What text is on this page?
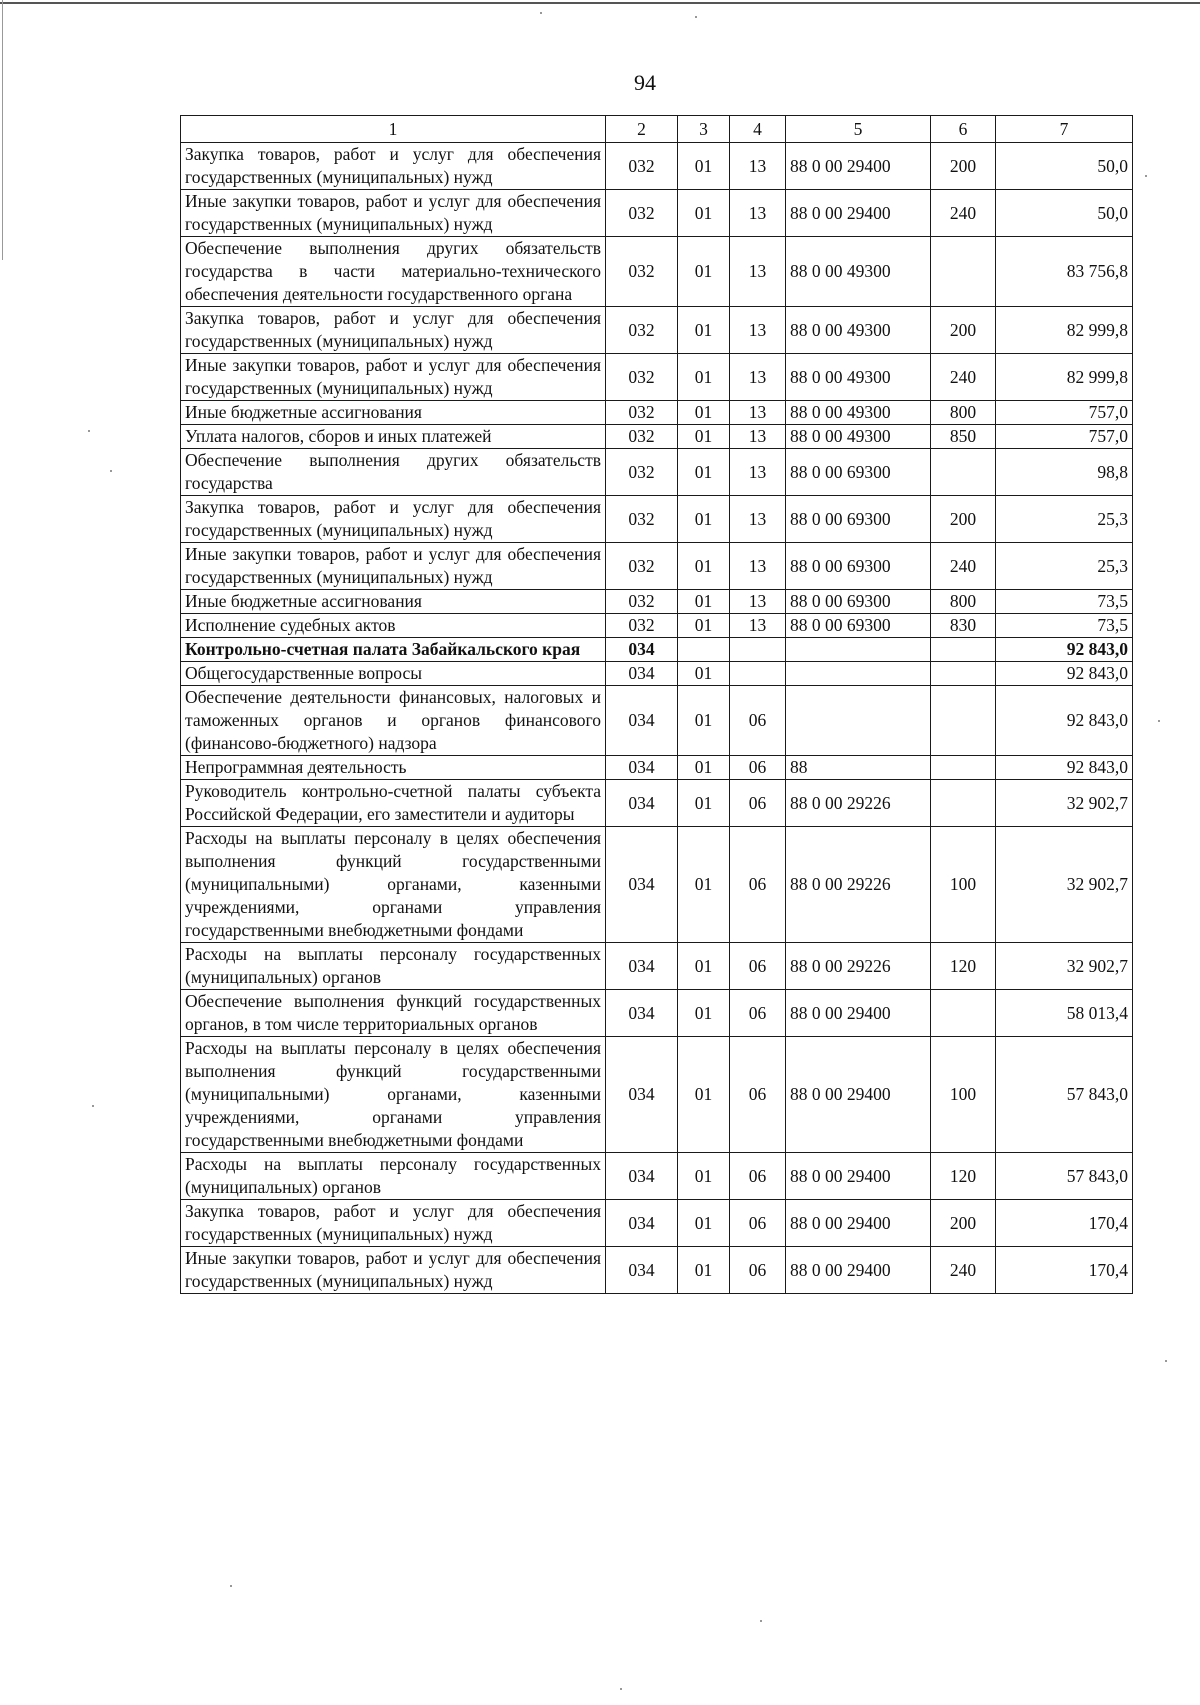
94
1	2	3	4	5	6	7
Закупка товаров, работ и услуг для обеспечения государственных (муниципальных) нужд	032	01	13	88 0 00 29400	200	50,0
Иные закупки товаров, работ и услуг для обеспечения государственных (муниципальных) нужд	032	01	13	88 0 00 29400	240	50,0
Обеспечение выполнения других обязательств государства в части материально-технического обеспечения деятельности государственного органа	032	01	13	88 0 00 49300		83 756,8
Закупка товаров, работ и услуг для обеспечения государственных (муниципальных) нужд	032	01	13	88 0 00 49300	200	82 999,8
Иные закупки товаров, работ и услуг для обеспечения государственных (муниципальных) нужд	032	01	13	88 0 00 49300	240	82 999,8
Иные бюджетные ассигнования	032	01	13	88 0 00 49300	800	757,0
Уплата налогов, сборов и иных платежей	032	01	13	88 0 00 49300	850	757,0
Обеспечение выполнения других обязательств государства	032	01	13	88 0 00 69300		98,8
Закупка товаров, работ и услуг для обеспечения государственных (муниципальных) нужд	032	01	13	88 0 00 69300	200	25,3
Иные закупки товаров, работ и услуг для обеспечения государственных (муниципальных) нужд	032	01	13	88 0 00 69300	240	25,3
Иные бюджетные ассигнования	032	01	13	88 0 00 69300	800	73,5
Исполнение судебных актов	032	01	13	88 0 00 69300	830	73,5
Контрольно-счетная палата Забайкальского края	034					92 843,0
Общегосударственные вопросы	034	01				92 843,0
Обеспечение деятельности финансовых, налоговых и таможенных органов и органов финансового (финансово-бюджетного) надзора	034	01	06			92 843,0
Непрограммная деятельность	034	01	06	88		92 843,0
Руководитель контрольно-счетной палаты субъекта Российской Федерации, его заместители и аудиторы	034	01	06	88 0 00 29226		32 902,7
Расходы на выплаты персоналу в целях обеспечения выполнения функций государственными (муниципальными) органами, казенными учреждениями, органами управления государственными внебюджетными фондами	034	01	06	88 0 00 29226	100	32 902,7
Расходы на выплаты персоналу государственных (муниципальных) органов	034	01	06	88 0 00 29226	120	32 902,7
Обеспечение выполнения функций государственных органов, в том числе территориальных органов	034	01	06	88 0 00 29400		58 013,4
Расходы на выплаты персоналу в целях обеспечения выполнения функций государственными (муниципальными) органами, казенными учреждениями, органами управления государственными внебюджетными фондами	034	01	06	88 0 00 29400	100	57 843,0
Расходы на выплаты персоналу государственных (муниципальных) органов	034	01	06	88 0 00 29400	120	57 843,0
Закупка товаров, работ и услуг для обеспечения государственных (муниципальных) нужд	034	01	06	88 0 00 29400	200	170,4
Иные закупки товаров, работ и услуг для обеспечения государственных (муниципальных) нужд	034	01	06	88 0 00 29400	240	170,4
